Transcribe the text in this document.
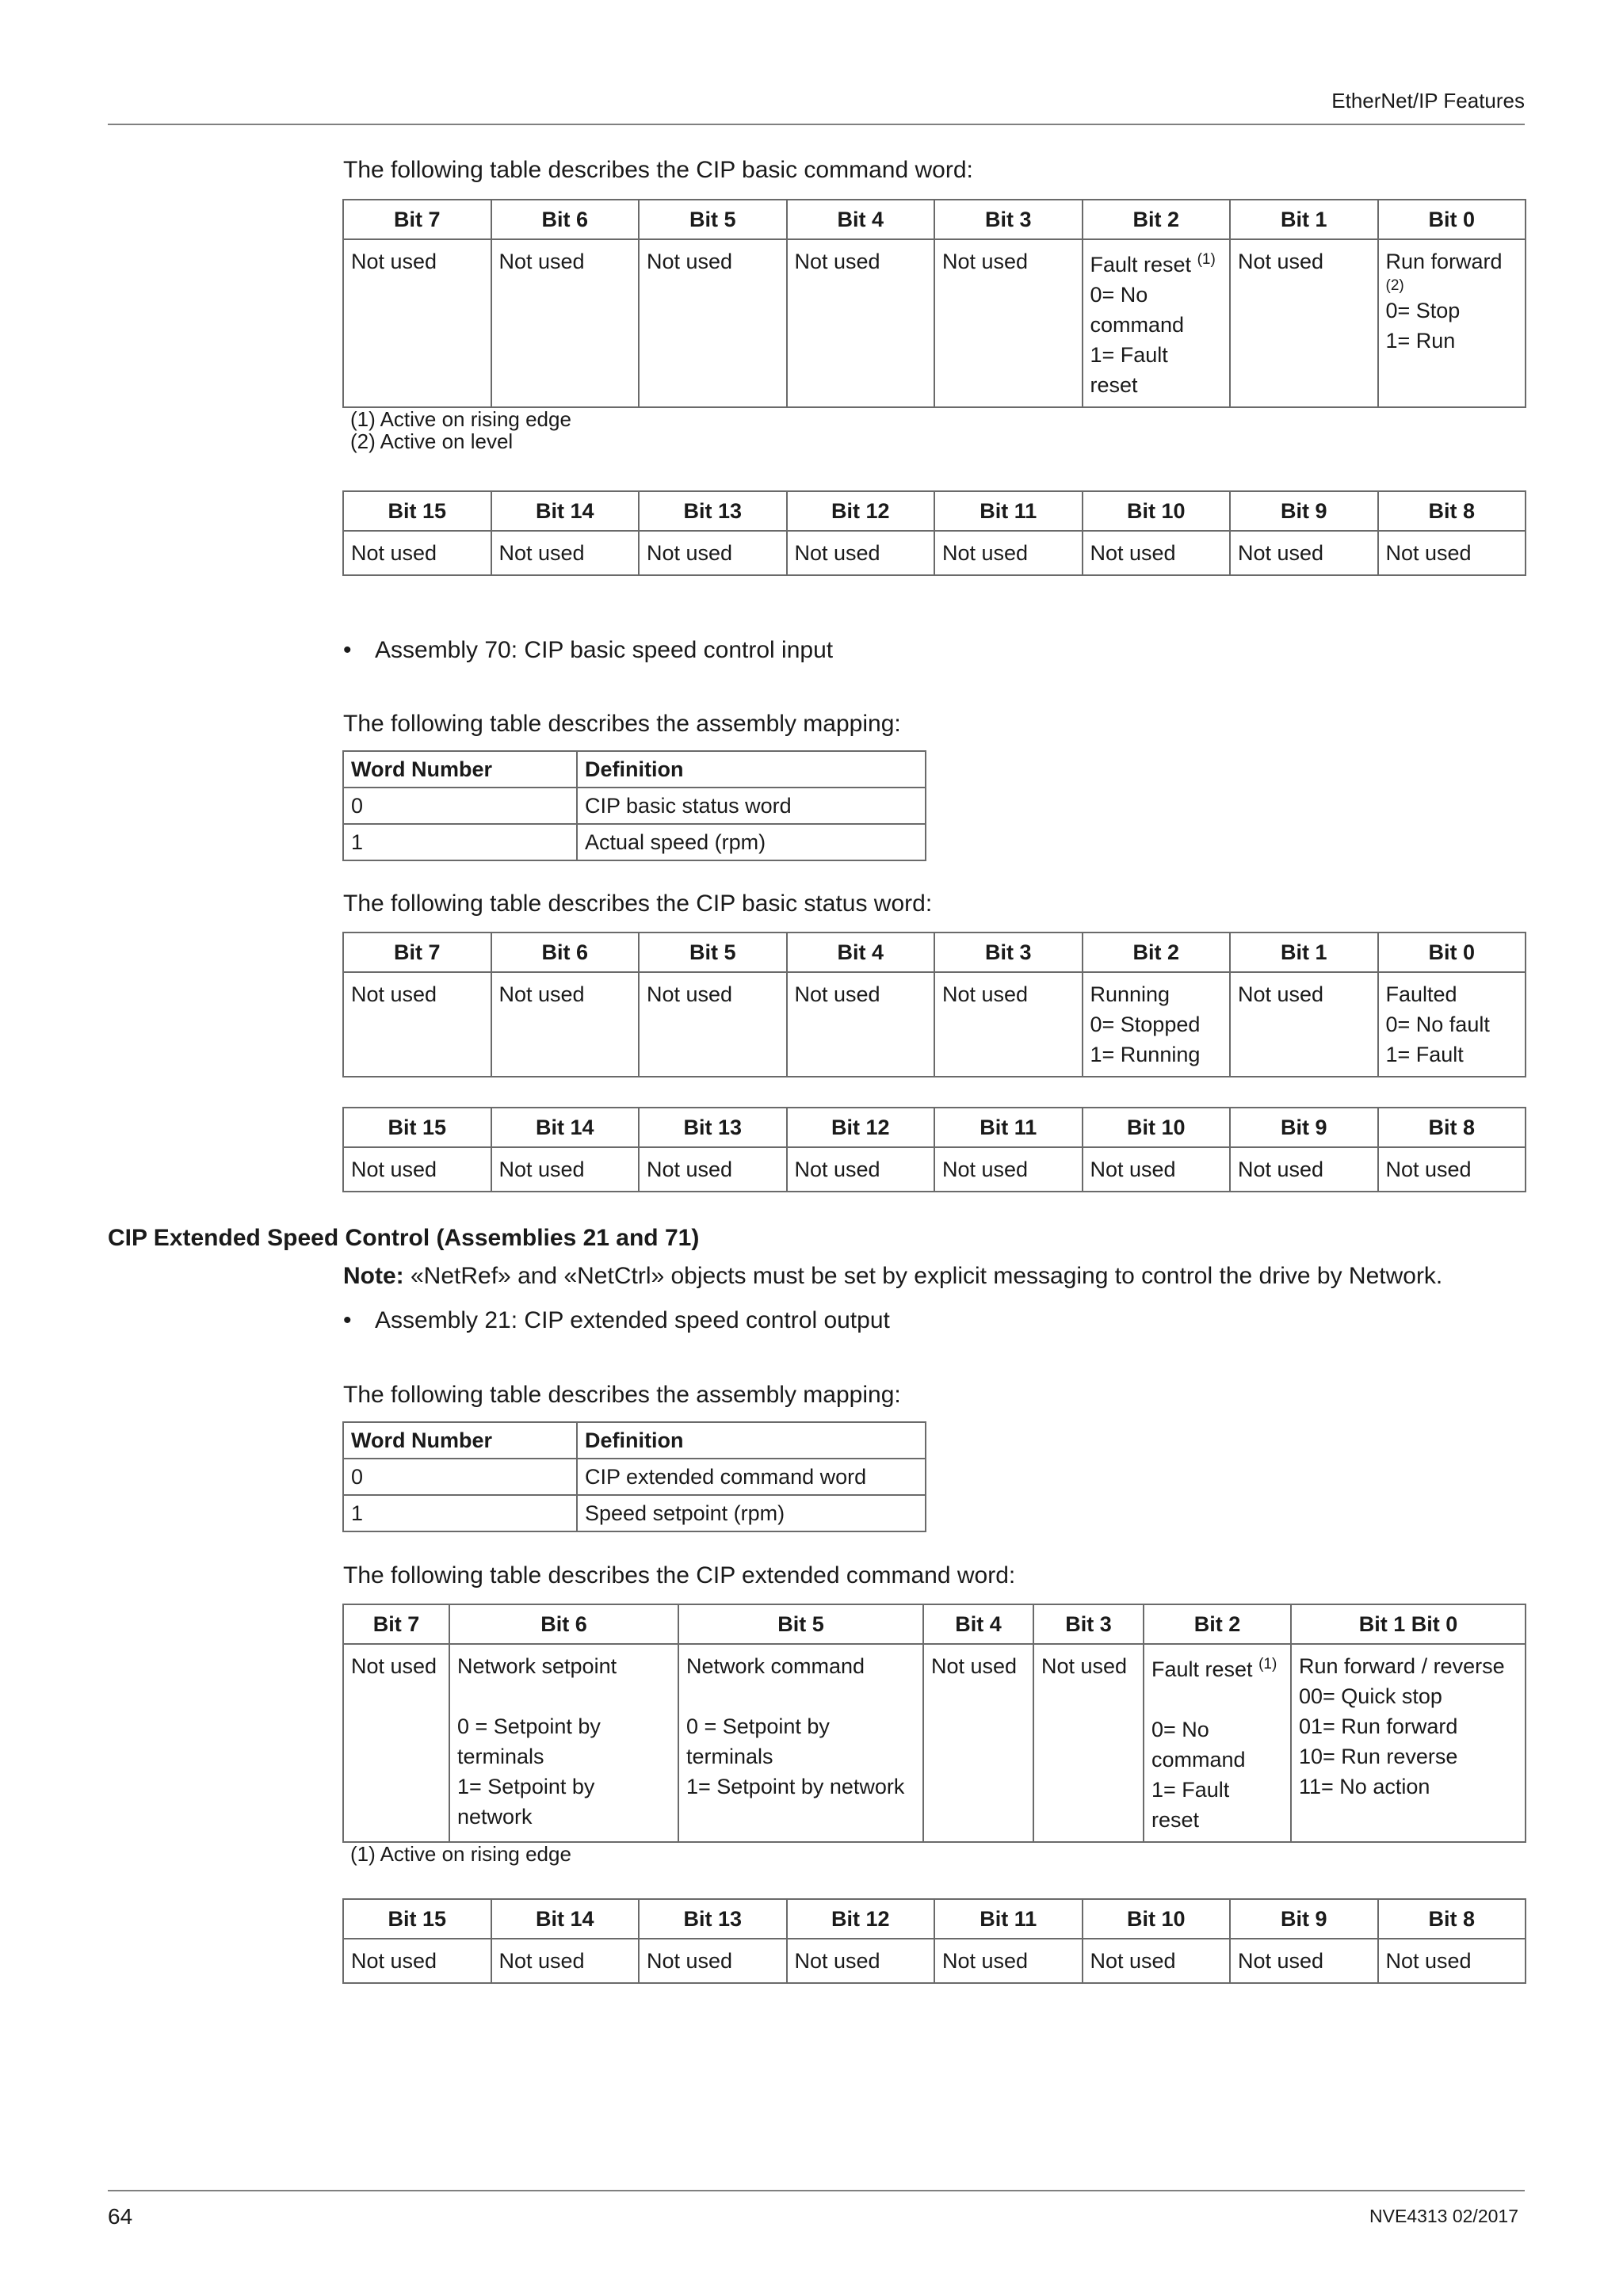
EtherNet/IP Features
The following table describes the CIP basic command word:
Bit 7	Bit 6	Bit 5	Bit 4	Bit 3	Bit 2	Bit 1	Bit 0

Not used	Not used	Not used	Not used	Not used	Fault reset $^{(1)}$
0= No
command
1= Fault
reset	Not used	Run forward
(2)
0= Stop
1= Run
(1) Active on rising edge
(2) Active on level
Bit 15	Bit 14	Bit 13	Bit 12	Bit 11	Bit 10	Bit 9	Bit 8
Not used	Not used	Not used	Not used	Not used	Not used	Not used	Not used
• Assembly 70: CIP basic speed control input
The following table describes the assembly mapping:
Word Number	Definition
0	CIP basic status word
1	Actual speed (rpm)
The following table describes the CIP basic status word:
Bit 7	Bit 6	Bit 5	Bit 4	Bit 3	Bit 2	Bit 1	Bit 0

Not used	Not used	Not used	Not used	Not used	Running
0= Stopped
1= Running	Not used	Faulted
0= No fault
1= Fault
Bit 15	Bit 14	Bit 13	Bit 12	Bit 11	Bit 10	Bit 9	Bit 8
Not used	Not used	Not used	Not used	Not used	Not used	Not used	Not used
CIP Extended Speed Control (Assemblies 21 and 71)
Note: «NetRef» and «NetCtrl» objects must be set by explicit messaging to control the drive by Network.
• Assembly 21: CIP extended speed control output
The following table describes the assembly mapping:
Word Number	Definition
0	CIP extended command word
1	Speed setpoint (rpm)
The following table describes the CIP extended command word:
Bit 7	Bit 6	Bit 5	Bit 4	Bit 3	Bit 2	Bit 1 Bit 0

Not used	Network setpoint
0 = Setpoint by
terminals
1= Setpoint by
network	Network command
0 = Setpoint by
terminals
1= Setpoint by network	Not used	Not used	Fault reset $^{(1)}$
0= No
command
1= Fault
reset	Run forward / reverse
00= Quick stop
01= Run forward
10= Run reverse
11= No action
(1) Active on rising edge
Bit 15	Bit 14	Bit 13	Bit 12	Bit 11	Bit 10	Bit 9	Bit 8
Not used	Not used	Not used	Not used	Not used	Not used	Not used	Not used
64	NVE4313 02/2017
